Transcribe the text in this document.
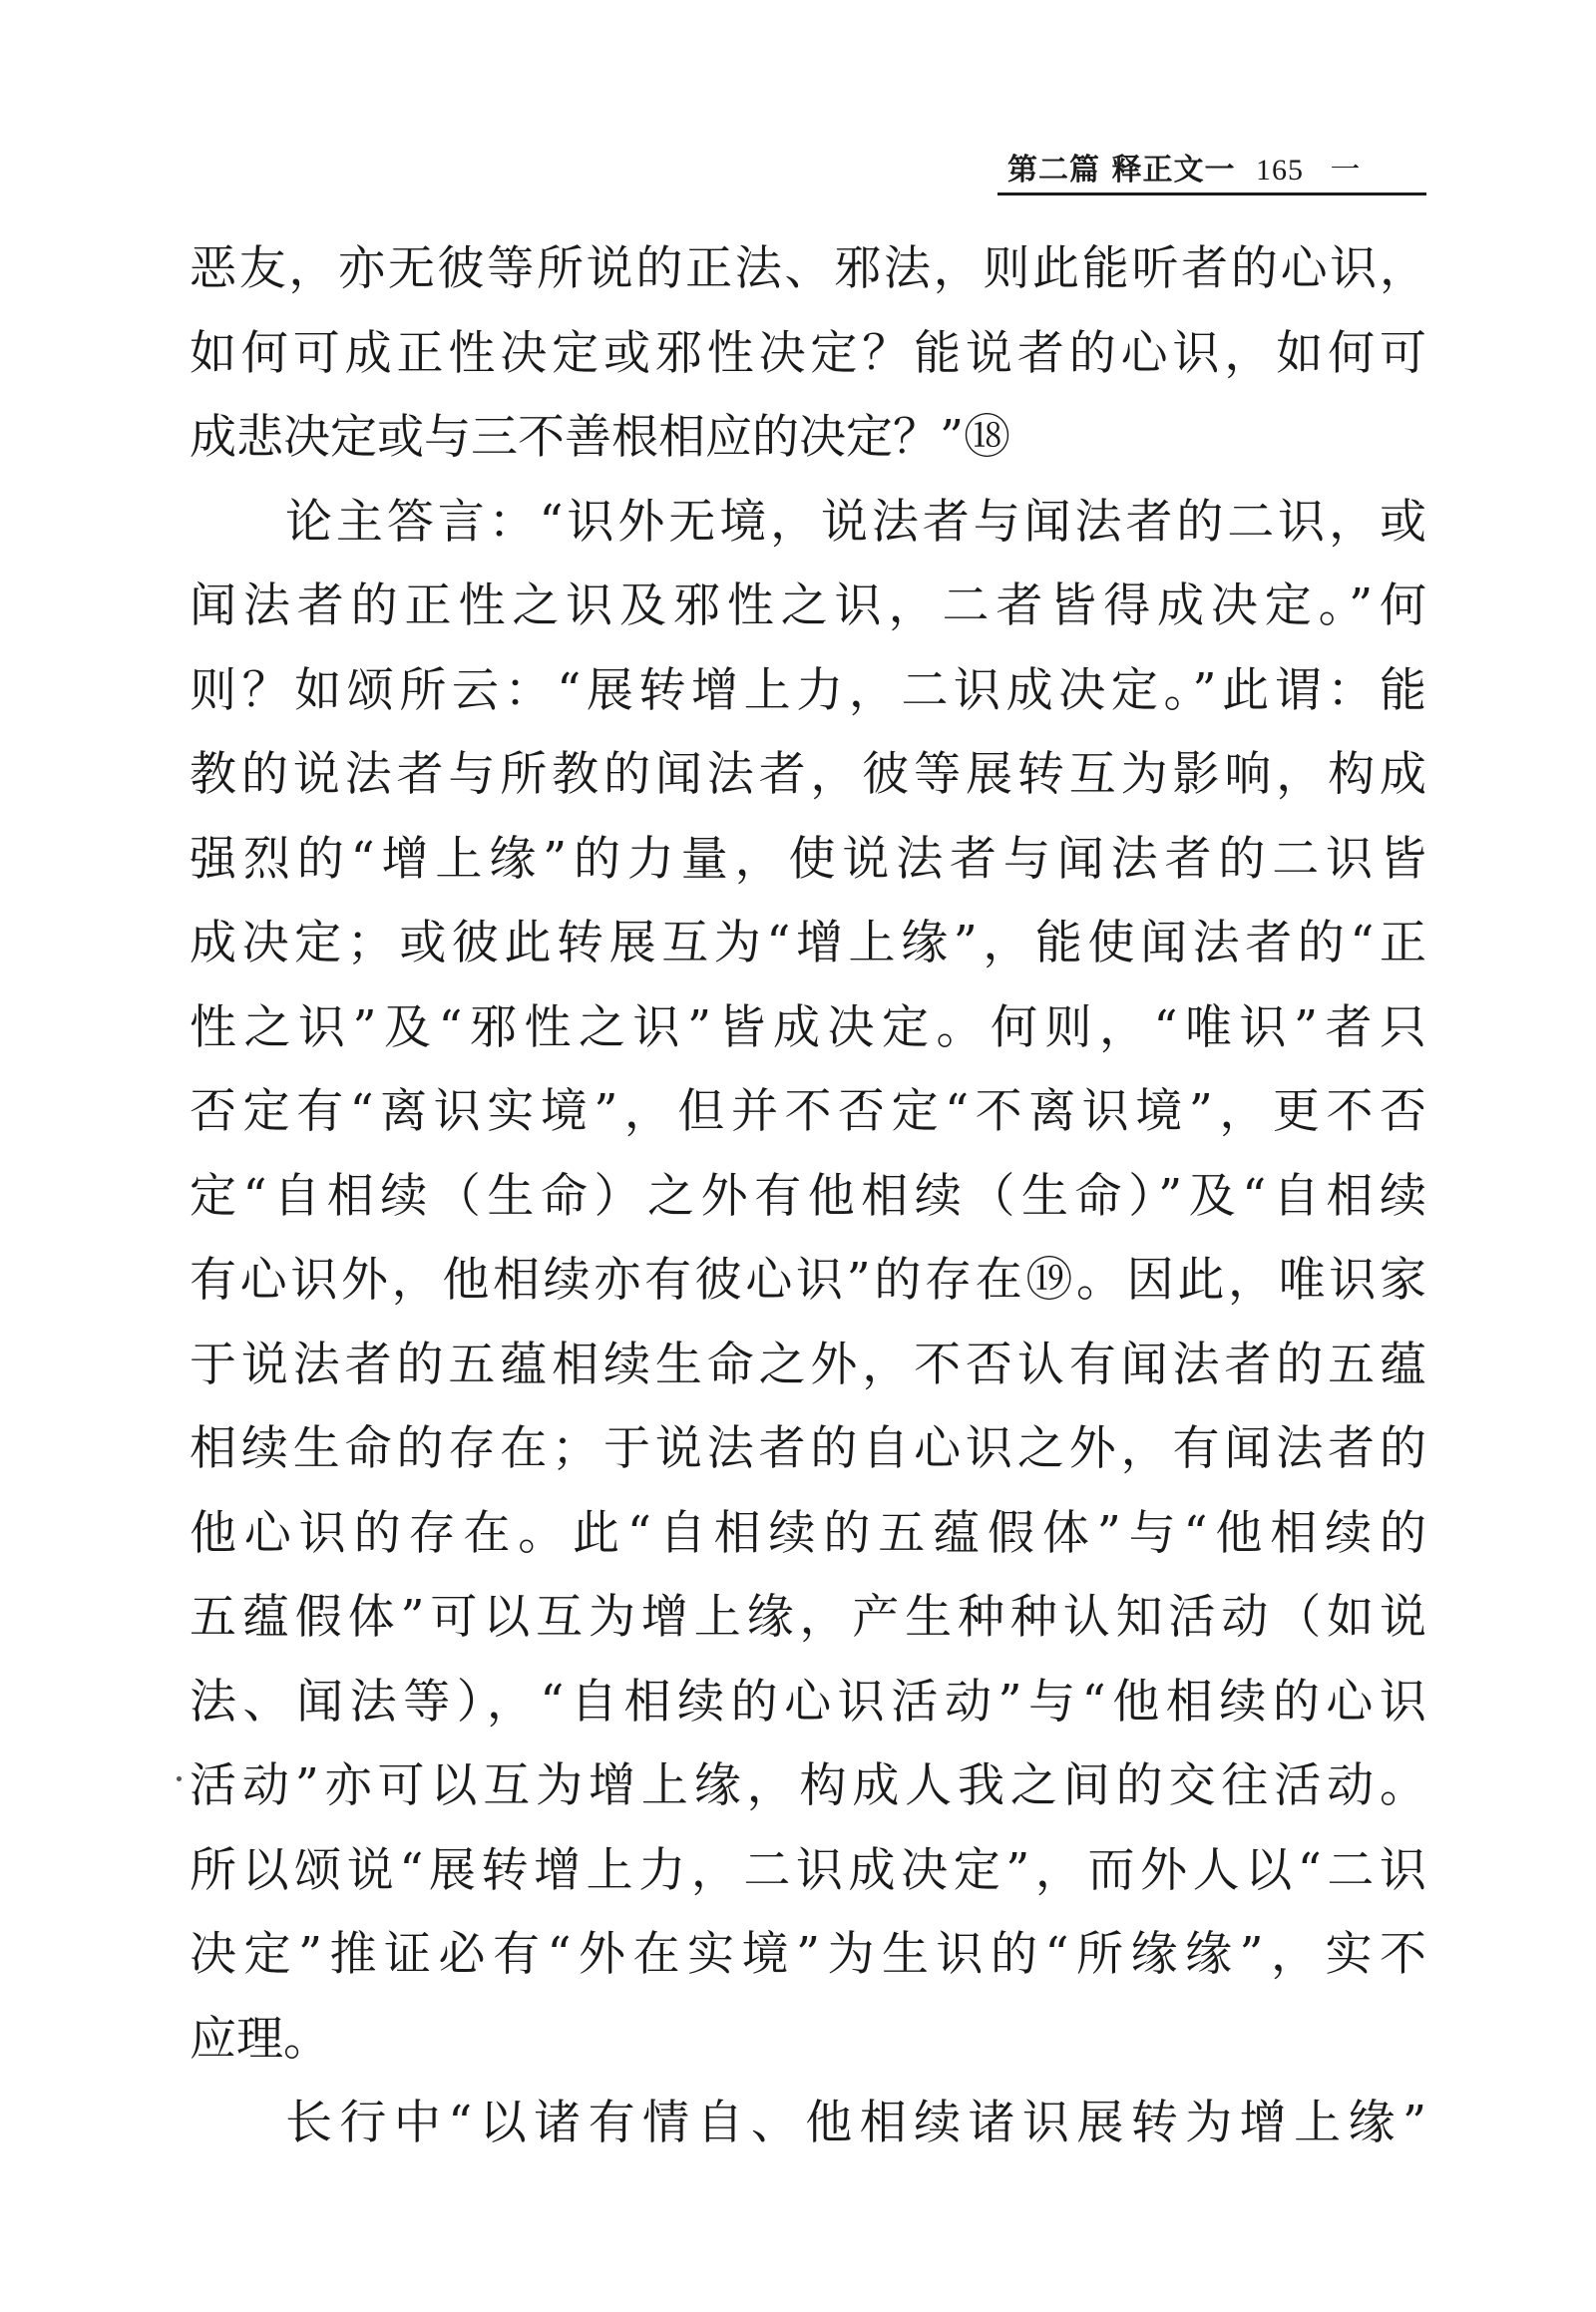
第二篇 释正文一 165 一
恶友，亦无彼等所说的正法、邪法，则此能听者的心识，
如何可成正性决定或邪性决定？能说者的心识，如何可
成悲决定或与三不善根相应的决定？”⑱
论主答言：“识外无境，说法者与闻法者的二识，或
闻法者的正性之识及邪性之识，二者皆得成决定。”何
则？如颂所云：“展转增上力，二识成决定。”此谓：能
教的说法者与所教的闻法者，彼等展转互为影响，构成
强烈的“增上缘”的力量，使说法者与闻法者的二识皆
成决定；或彼此转展互为“增上缘”，能使闻法者的“正
性之识”及“邪性之识”皆成决定。何则，“唯识”者只
否定有“离识实境”，但并不否定“不离识境”，更不否
定“自相续（生命）之外有他相续（生命）”及“自相续
有心识外，他相续亦有彼心识”的存在⑲。因此，唯识家
于说法者的五蕴相续生命之外，不否认有闻法者的五蕴
相续生命的存在；于说法者的自心识之外，有闻法者的
他心识的存在。此“自相续的五蕴假体”与“他相续的
五蕴假体”可以互为增上缘，产生种种认知活动（如说
法、闻法等），“自相续的心识活动”与“他相续的心识
活动”亦可以互为增上缘，构成人我之间的交往活动。
所以颂说“展转增上力，二识成决定”，而外人以“二识
决定”推证必有“外在实境”为生识的“所缘缘”，实不
应理。
长行中“以诸有情自、他相续诸识展转为增上缘”
